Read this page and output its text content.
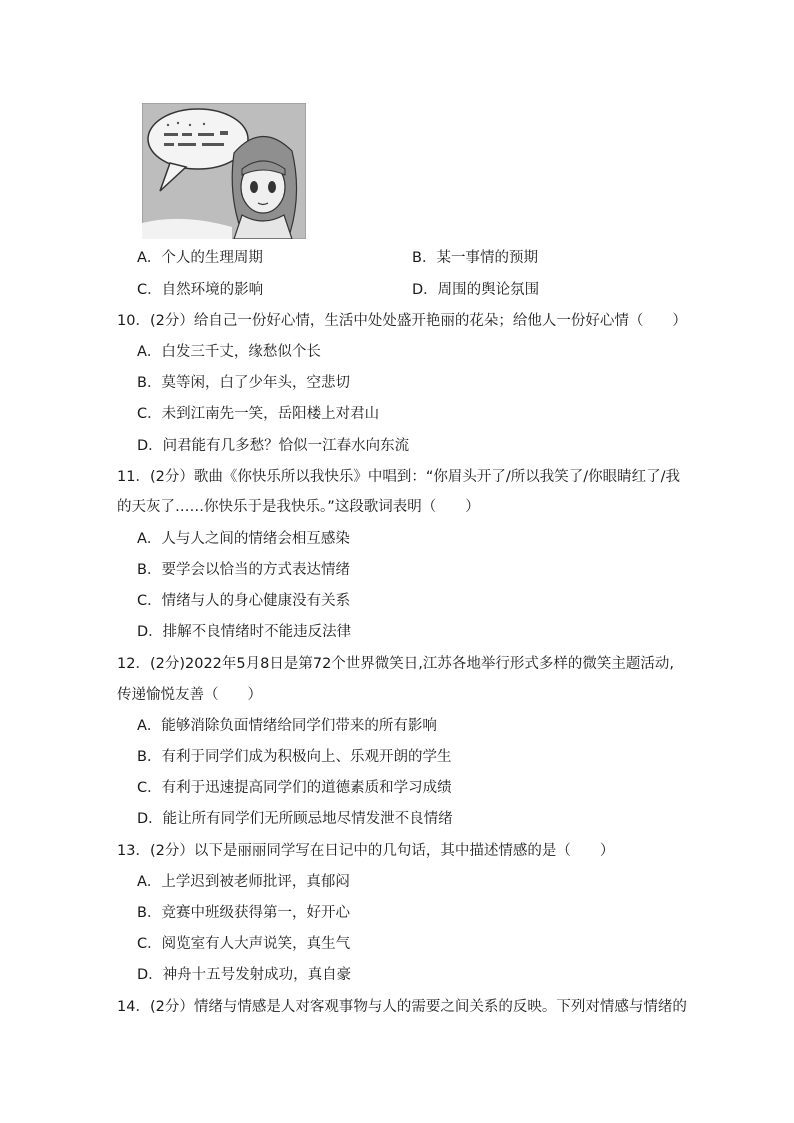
A．个人的生理周期	B．某一事情的预期
C．自然环境的影响	D．周围的舆论氛围
10．(2分）给自己一份好心情，生活中处处盛开艳丽的花朵；给他人一份好心情（　　）
A．白发三千丈，缘愁似个长
B．莫等闲，白了少年头，空悲切
C．未到江南先一笑，岳阳楼上对君山
D．问君能有几多愁？恰似一江春水向东流
11．(2分）歌曲《你快乐所以我快乐》中唱到：“你眉头开了/所以我笑了/你眼睛红了/我
的天灰了……你快乐于是我快乐。”这段歌词表明（　　）
A．人与人之间的情绪会相互感染
B．要学会以恰当的方式表达情绪
C．情绪与人的身心健康没有关系
D．排解不良情绪时不能违反法律
12．(2分)2022年5月8日是第72个世界微笑日,江苏各地举行形式多样的微笑主题活动,
传递愉悦友善（　　）
A．能够消除负面情绪给同学们带来的所有影响
B．有利于同学们成为积极向上、乐观开朗的学生
C．有利于迅速提高同学们的道德素质和学习成绩
D．能让所有同学们无所顾忌地尽情发泄不良情绪
13．(2分）以下是丽丽同学写在日记中的几句话，其中描述情感的是（　　）
A．上学迟到被老师批评，真郁闷
B．竞赛中班级获得第一，好开心
C．阅览室有人大声说笑，真生气
D．神舟十五号发射成功，真自豪
14．(2分）情绪与情感是人对客观事物与人的需要之间关系的反映。下列对情感与情绪的
